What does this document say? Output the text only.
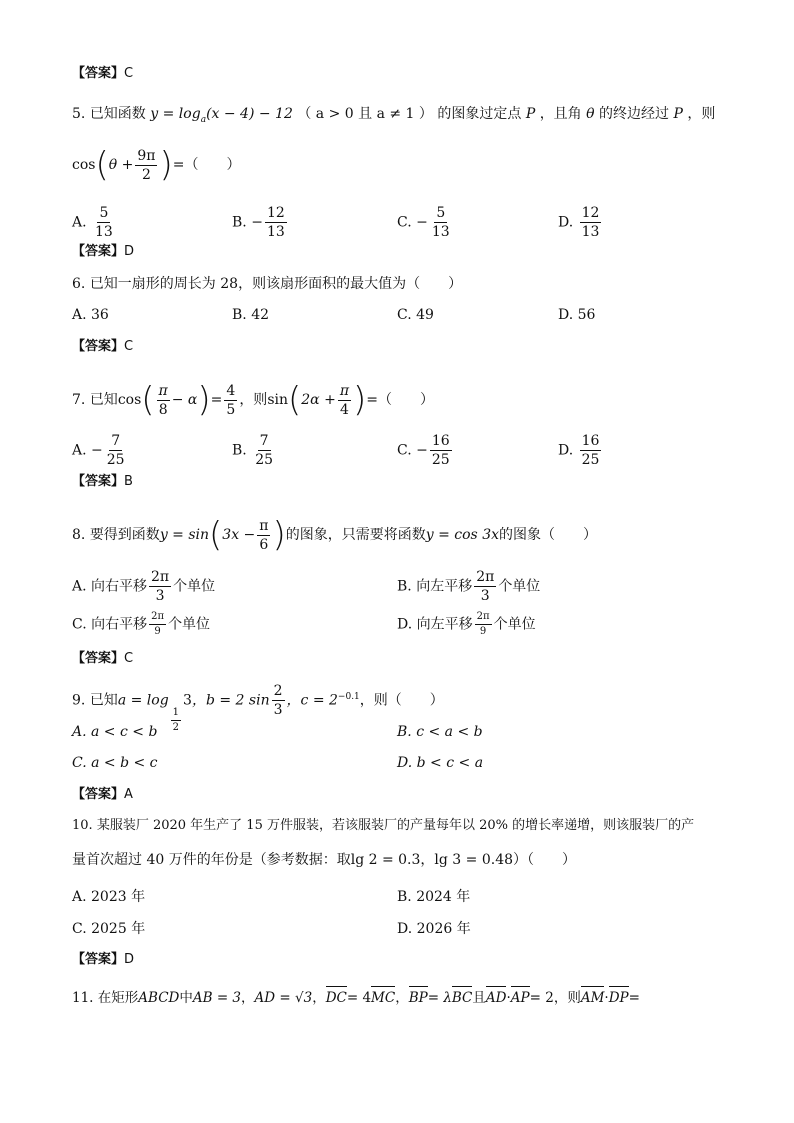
【答案】C
5. 已知函数 $y = \log_a(x - 4) - 12$ （ a > 0 且 a ≠ 1 ） 的图象过定点 P ，且角 θ 的终边经过 P ，则
$\cos(\theta + \frac{9\pi}{2}$ )=（　　）
A. $\frac{5}{13}$	B. − $\frac{12}{13}$	C. − $\frac{5}{13}$	D. $\frac{12}{13}$
【答案】D
6. 已知一扇形的周长为 28，则该扇形面积的最大值为（　　）
A. 36	B. 42	C. 49	D. 56
【答案】C
7. 已知$\cos( \frac{\pi}{8} - \alpha)= \frac{4}{5}$ ，则$\sin(2\alpha + \frac{\pi}{4}$ )=（　　）
A. − $\frac{7}{25}$	B. $\frac{7}{25}$	C. − $\frac{16}{25}$	D. $\frac{16}{25}$
【答案】B
8. 要得到函数$y = \sin(3x - \frac{\pi}{6}$ )的图象，只需要将函数y = cos 3x的图象（　　）
A. 向右平移 $\frac{2\pi}{3}$ 个单位	B. 向左平移 $\frac{2\pi}{3}$ 个单位
C. 向右平移 $\frac{2\pi}{9}$ 个单位	D. 向左平移 $\frac{2\pi}{9}$ 个单位
【答案】C
9. 已知a = log
$\frac{1}{2}$
3，b = 2 $\sin \frac{2}{3}$ ，$c = 2^{-0.1}$，则（　　）
A. a < c < b	B. c < a < b
C. a < b < c	D. b < c < a
【答案】A
10. 某服装厂 2020 年生产了 15 万件服装，若该服装厂的产量每年以 20% 的增长率递增，则该服装厂的产
量首次超过 40 万件的年份是（参考数据：取lg 2 = 0.3，lg 3 = 0.48）（　　）
A. 2023 年	B. 2024 年
C. 2025 年	D. 2026 年
【答案】D
11. 在矩形ABCD中AB = 3，AD = √3，DC= 4MC，BP= λBC且AD·AP= 2，则AM·DP=
